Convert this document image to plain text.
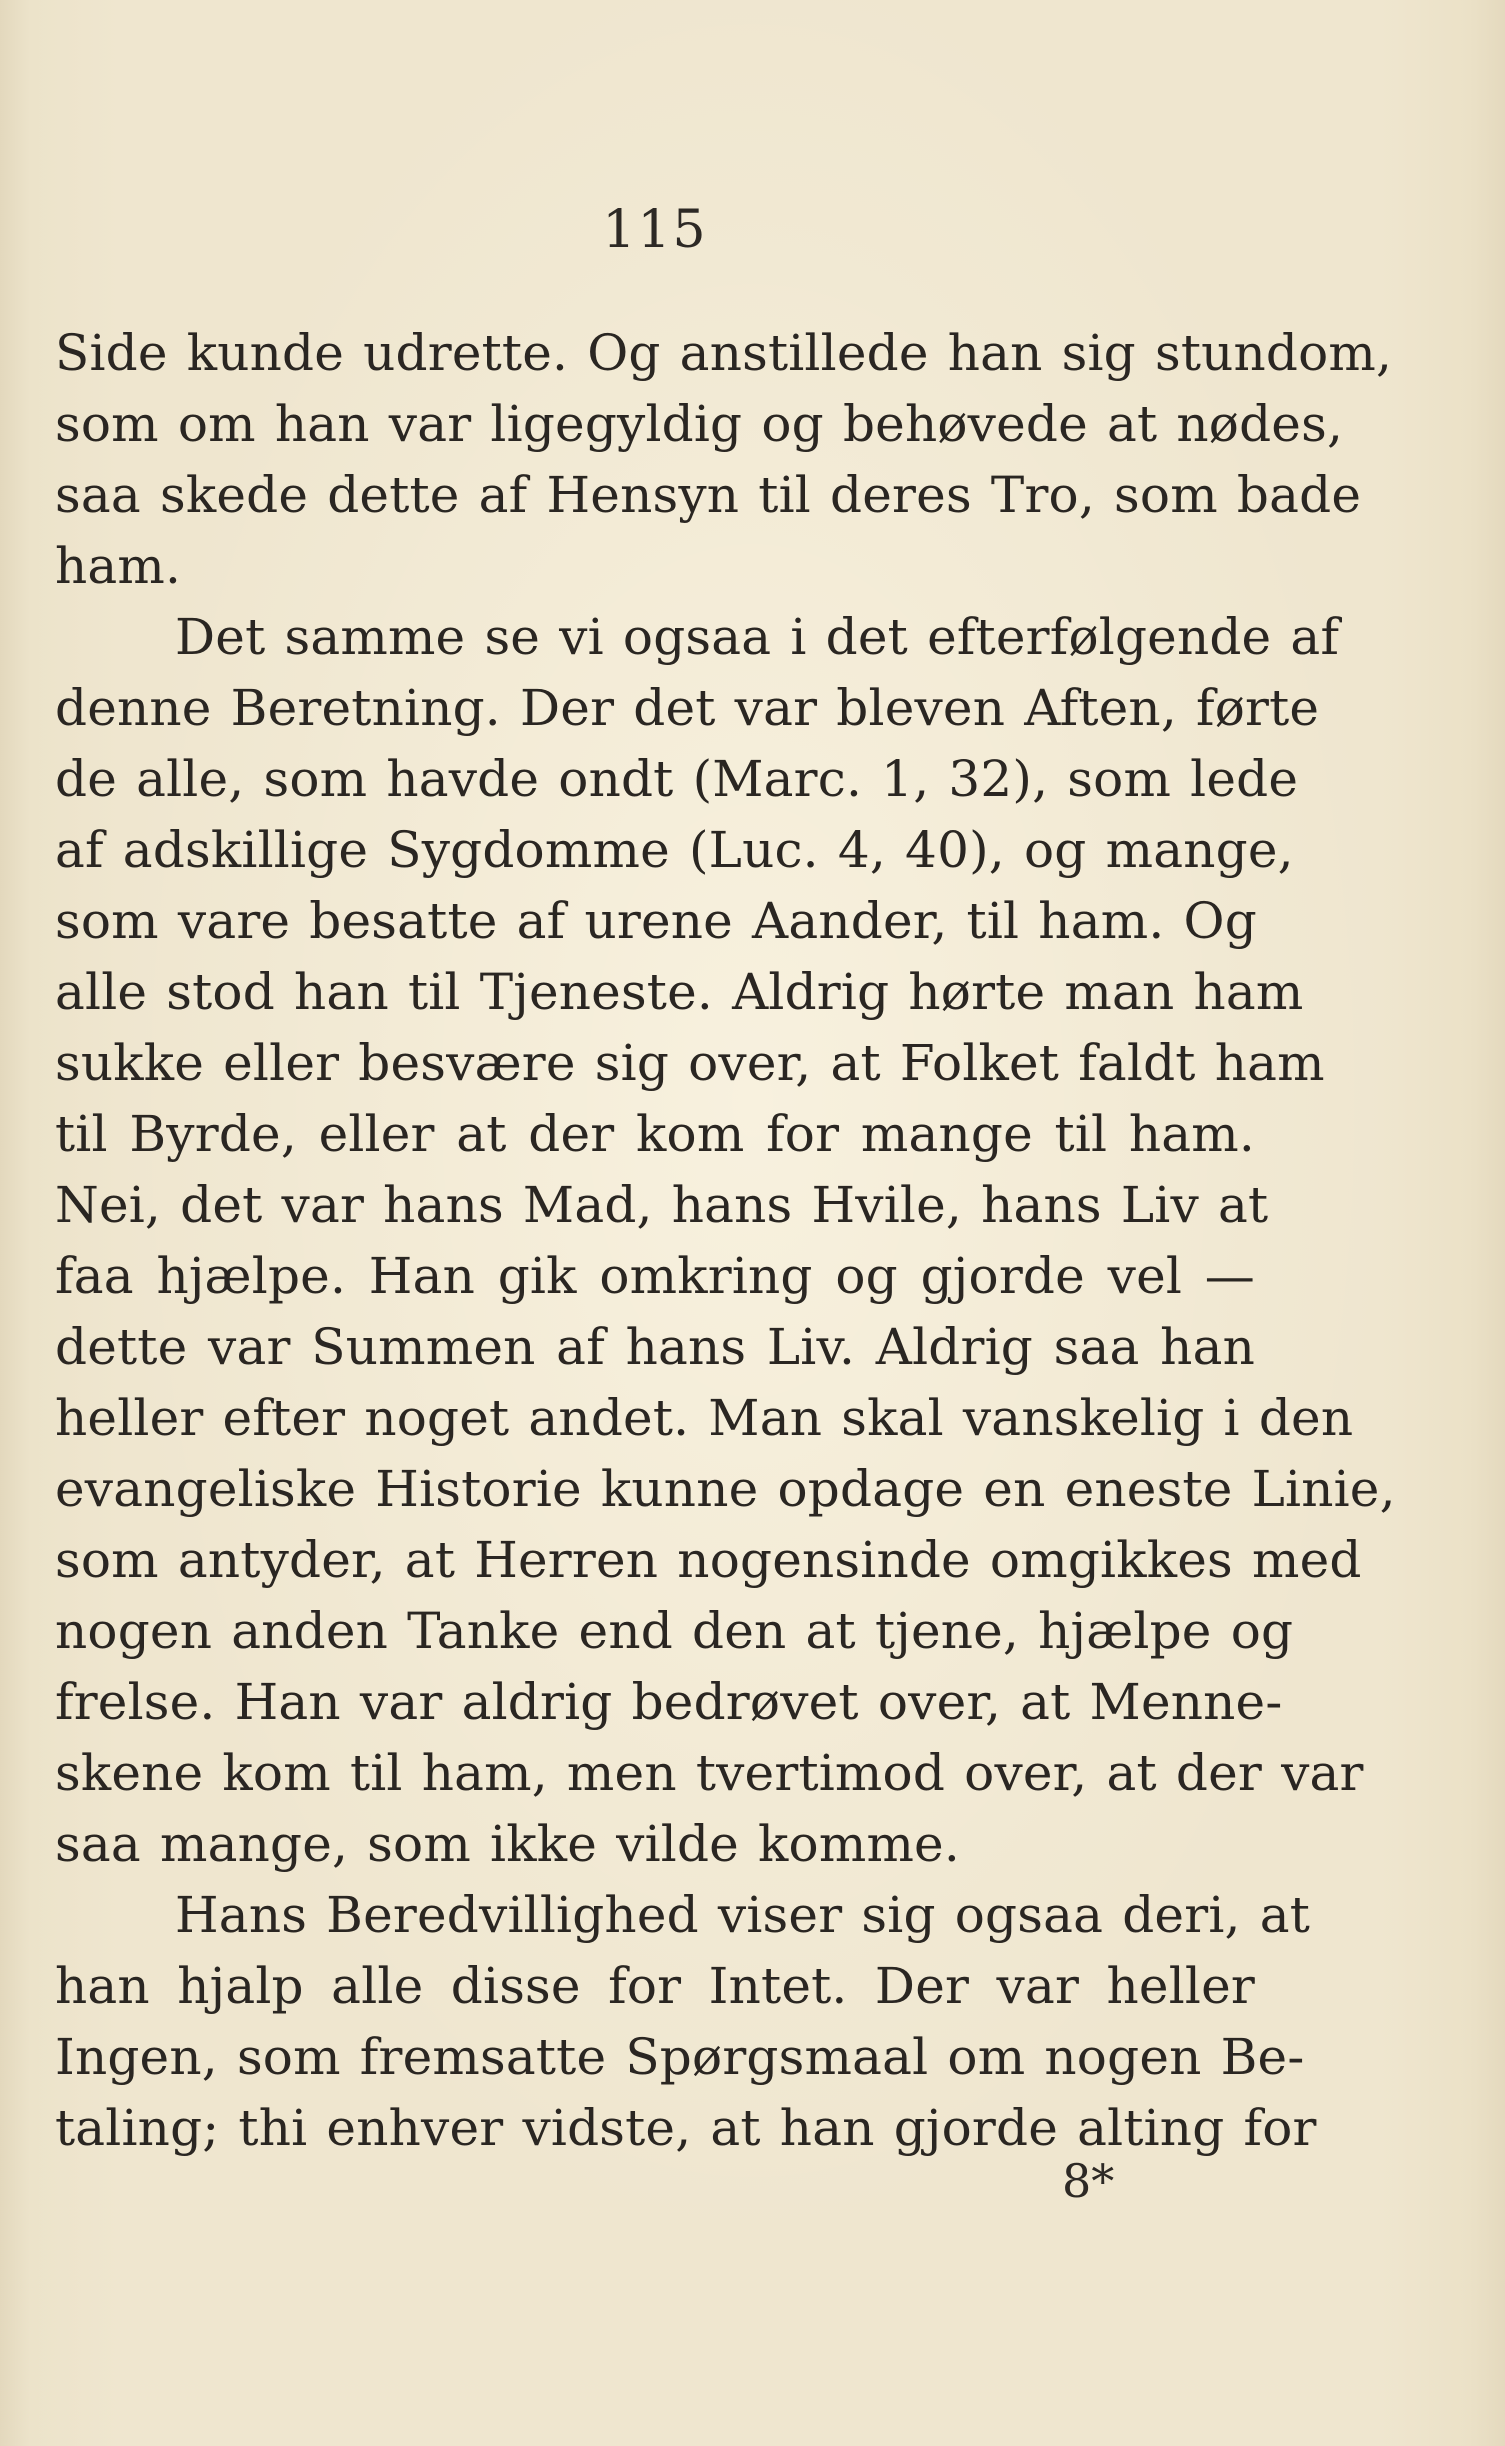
115
Side kunde udrette. Og anstillede han sig stundom,
som om han var ligegyldig og behøvede at nødes,
saa skede dette af Hensyn til deres Tro, som bade
ham.
Det samme se vi ogsaa i det efterfølgende af
denne Beretning. Der det var bleven Aften, førte
de alle, som havde ondt (Marc. 1, 32), som lede
af adskillige Sygdomme (Luc. 4, 40), og mange,
som vare besatte af urene Aander, til ham. Og
alle stod han til Tjeneste. Aldrig hørte man ham
sukke eller besvære sig over, at Folket faldt ham
til Byrde, eller at der kom for mange til ham.
Nei, det var hans Mad, hans Hvile, hans Liv at
faa hjælpe. Han gik omkring og gjorde vel —
dette var Summen af hans Liv. Aldrig saa han
heller efter noget andet. Man skal vanskelig i den
evangeliske Historie kunne opdage en eneste Linie,
som antyder, at Herren nogensinde omgikkes med
nogen anden Tanke end den at tjene, hjælpe og
frelse. Han var aldrig bedrøvet over, at Menne-
skene kom til ham, men tvertimod over, at der var
saa mange, som ikke vilde komme.
Hans Beredvillighed viser sig ogsaa deri, at
han hjalp alle disse for Intet. Der var heller
Ingen, som fremsatte Spørgsmaal om nogen Be-
taling; thi enhver vidste, at han gjorde alting for
8*
